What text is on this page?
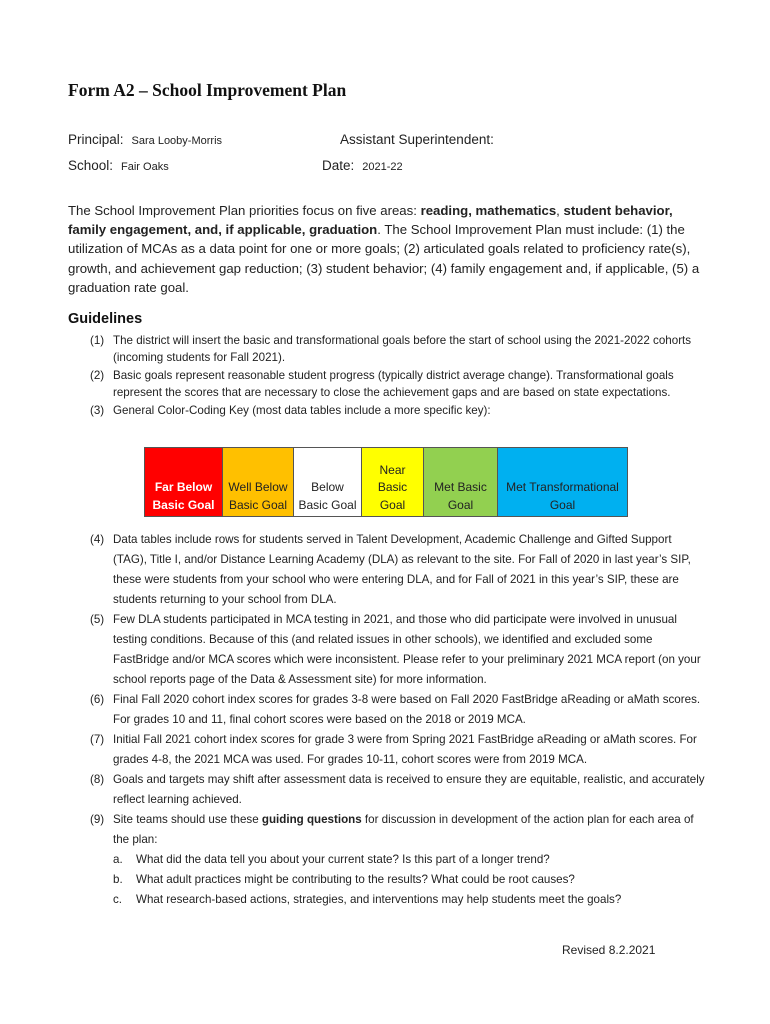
Form A2 – School Improvement Plan
Principal: Sara Looby-Morris	Assistant Superintendent:
School: Fair Oaks	Date: 2021-22
The School Improvement Plan priorities focus on five areas: reading, mathematics, student behavior, family engagement, and, if applicable, graduation. The School Improvement Plan must include: (1) the utilization of MCAs as a data point for one or more goals; (2) articulated goals related to proficiency rate(s), growth, and achievement gap reduction; (3) student behavior; (4) family engagement and, if applicable, (5) a graduation rate goal.
Guidelines
(1) The district will insert the basic and transformational goals before the start of school using the 2021-2022 cohorts (incoming students for Fall 2021).
(2) Basic goals represent reasonable student progress (typically district average change). Transformational goals represent the scores that are necessary to close the achievement gaps and are based on state expectations.
(3) General Color-Coding Key (most data tables include a more specific key):
Far Below Basic Goal	Well Below Basic Goal	Below Basic Goal	Near Basic Goal	Met Basic Goal	Met Transformational Goal
(4) Data tables include rows for students served in Talent Development, Academic Challenge and Gifted Support (TAG), Title I, and/or Distance Learning Academy (DLA) as relevant to the site. For Fall of 2020 in last year’s SIP, these were students from your school who were entering DLA, and for Fall of 2021 in this year’s SIP, these are students returning to your school from DLA.
(5) Few DLA students participated in MCA testing in 2021, and those who did participate were involved in unusual testing conditions. Because of this (and related issues in other schools), we identified and excluded some FastBridge and/or MCA scores which were inconsistent. Please refer to your preliminary 2021 MCA report (on your school reports page of the Data & Assessment site) for more information.
(6) Final Fall 2020 cohort index scores for grades 3-8 were based on Fall 2020 FastBridge aReading or aMath scores. For grades 10 and 11, final cohort scores were based on the 2018 or 2019 MCA.
(7) Initial Fall 2021 cohort index scores for grade 3 were from Spring 2021 FastBridge aReading or aMath scores. For grades 4-8, the 2021 MCA was used. For grades 10-11, cohort scores were from 2019 MCA.
(8) Goals and targets may shift after assessment data is received to ensure they are equitable, realistic, and accurately reflect learning achieved.
(9) Site teams should use these guiding questions for discussion in development of the action plan for each area of the plan:
a. What did the data tell you about your current state? Is this part of a longer trend?
b. What adult practices might be contributing to the results? What could be root causes?
c. What research-based actions, strategies, and interventions may help students meet the goals?
Revised 8.2.2021
